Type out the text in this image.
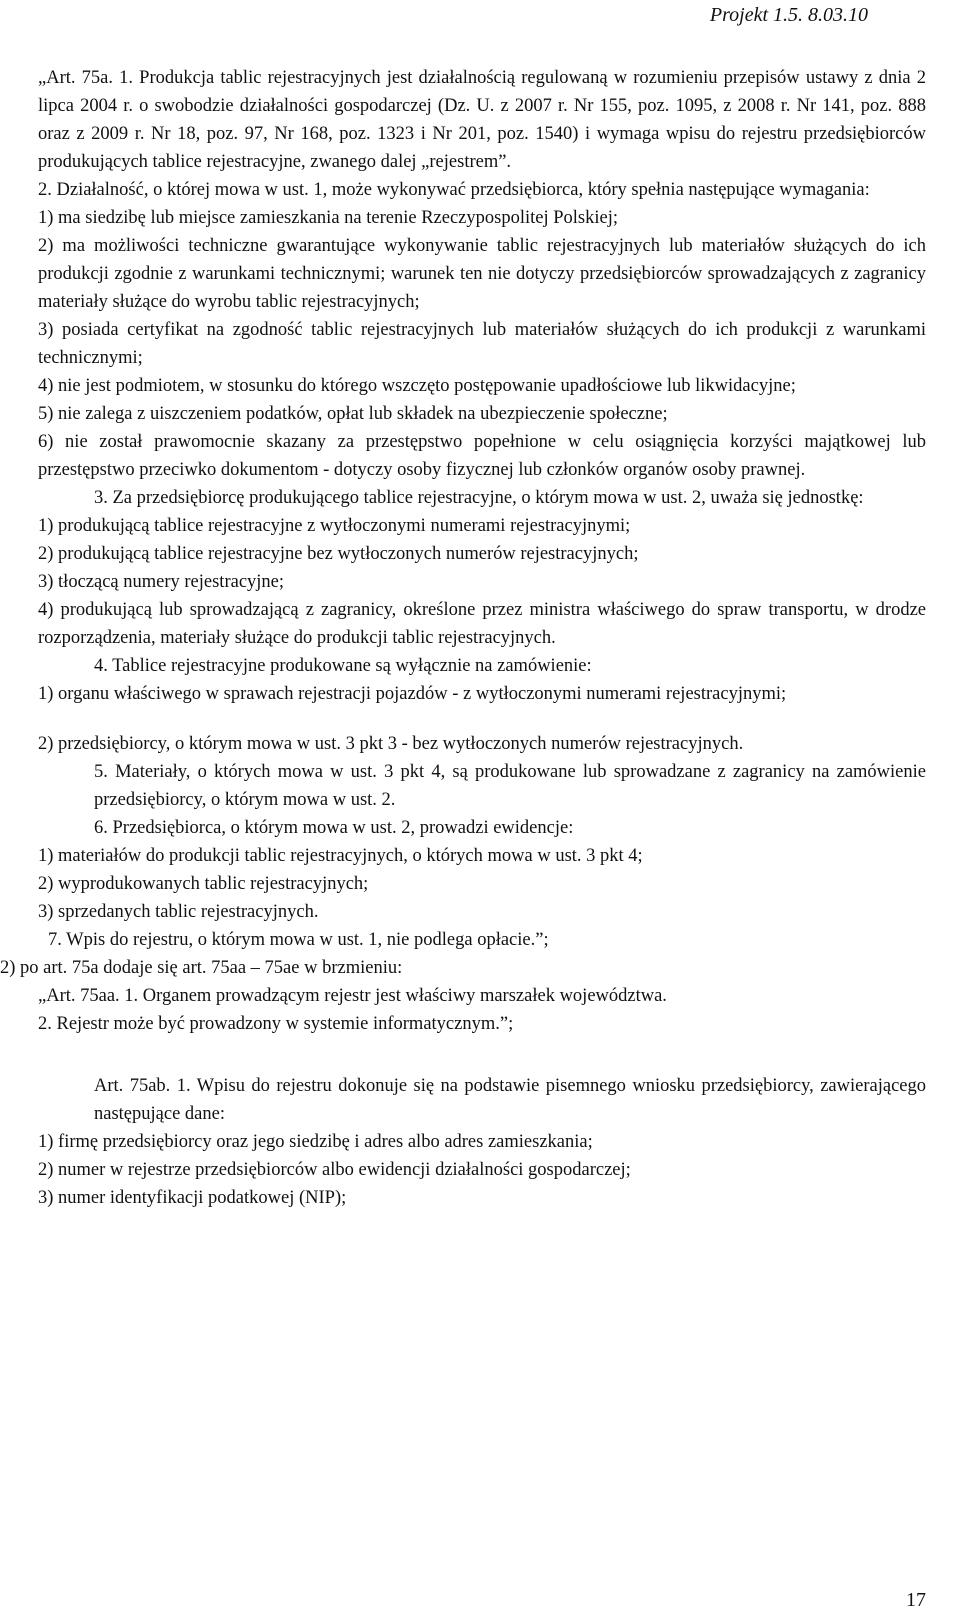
Projekt 1.5. 8.03.10

„Art. 75a. 1. Produkcja tablic rejestracyjnych jest działalnością regulowaną w rozumieniu przepisów ustawy z dnia 2 lipca 2004 r. o swobodzie działalności gospodarczej (Dz. U. z 2007 r. Nr 155, poz. 1095, z 2008 r. Nr 141, poz. 888 oraz z 2009 r. Nr 18, poz. 97, Nr 168, poz. 1323 i Nr 201, poz. 1540) i wymaga wpisu do rejestru przedsiębiorców produkujących tablice rejestracyjne, zwanego dalej „rejestrem”.

2. Działalność, o której mowa w ust. 1, może wykonywać przedsiębiorca, który spełnia następujące wymagania:

1) ma siedzibę lub miejsce zamieszkania na terenie Rzeczypospolitej Polskiej;

2) ma możliwości techniczne gwarantujące wykonywanie tablic rejestracyjnych lub materiałów służących do ich produkcji zgodnie z warunkami technicznymi; warunek ten nie dotyczy przedsiębiorców sprowadzających z zagranicy materiały służące do wyrobu tablic rejestracyjnych;

3) posiada certyfikat na zgodność tablic rejestracyjnych lub materiałów służących do ich produkcji z warunkami technicznymi;

4) nie jest podmiotem, w stosunku do którego wszczęto postępowanie upadłościowe lub likwidacyjne;

5) nie zalega z uiszczeniem podatków, opłat lub składek na ubezpieczenie społeczne;

6) nie został prawomocnie skazany za przestępstwo popełnione w celu osiągnięcia korzyści majątkowej lub przestępstwo przeciwko dokumentom - dotyczy osoby fizycznej lub członków organów osoby prawnej.

3. Za przedsiębiorcę produkującego tablice rejestracyjne, o którym mowa w ust. 2, uważa się jednostkę:

1) produkującą tablice rejestracyjne z wytłoczonymi numerami rejestracyjnymi;

2) produkującą tablice rejestracyjne bez wytłoczonych numerów rejestracyjnych;

3) tłoczącą numery rejestracyjne;

4) produkującą lub sprowadzającą z zagranicy, określone przez ministra właściwego do spraw transportu, w drodze rozporządzenia, materiały służące do produkcji tablic rejestracyjnych.

4. Tablice rejestracyjne produkowane są wyłącznie na zamówienie:

1) organu właściwego w sprawach rejestracji pojazdów - z wytłoczonymi numerami rejestracyjnymi;

2) przedsiębiorcy, o którym mowa w ust. 3 pkt 3 - bez wytłoczonych numerów rejestracyjnych.

5. Materiały, o których mowa w ust. 3 pkt 4, są produkowane lub sprowadzane z zagranicy na zamówienie przedsiębiorcy, o którym mowa w ust. 2.

6. Przedsiębiorca, o którym mowa w ust. 2, prowadzi ewidencje:

1) materiałów do produkcji tablic rejestracyjnych, o których mowa w ust. 3 pkt 4;

2) wyprodukowanych tablic rejestracyjnych;

3) sprzedanych tablic rejestracyjnych.

7. Wpis do rejestru, o którym mowa w ust. 1, nie podlega opłacie.”;

2) po art. 75a dodaje się art. 75aa – 75ae w brzmieniu:

„Art. 75aa. 1. Organem prowadzącym rejestr jest właściwy marszałek województwa.

2. Rejestr może być prowadzony w systemie informatycznym.”;

Art. 75ab. 1. Wpisu do rejestru dokonuje się na podstawie pisemnego wniosku przedsiębiorcy, zawierającego następujące dane:

1) firmę przedsiębiorcy oraz jego siedzibę i adres albo adres zamieszkania;

2) numer w rejestrze przedsiębiorców albo ewidencji działalności gospodarczej;

3) numer identyfikacji podatkowej (NIP);

17
